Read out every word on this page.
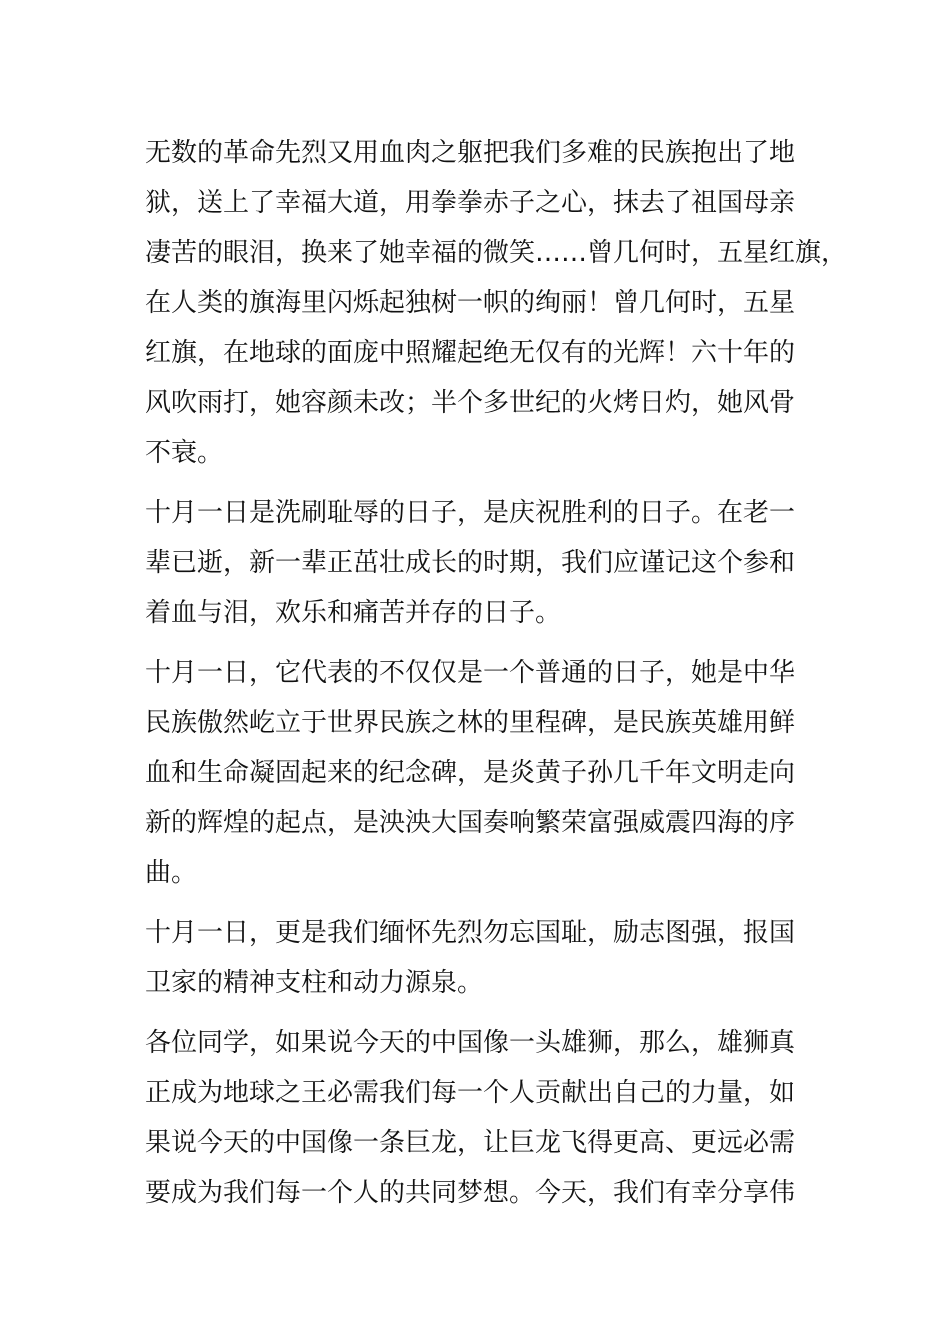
无数的革命先烈又用血肉之躯把我们多难的民族抱出了地
狱，送上了幸福大道，用拳拳赤子之心，抹去了祖国母亲
凄苦的眼泪，换来了她幸福的微笑……曾几何时，五星红旗，
在人类的旗海里闪烁起独树一帜的绚丽！曾几何时，五星
红旗，在地球的面庞中照耀起绝无仅有的光辉！六十年的
风吹雨打，她容颜未改；半个多世纪的火烤日灼，她风骨
不衰。
十月一日是洗刷耻辱的日子，是庆祝胜利的日子。在老一
辈已逝，新一辈正茁壮成长的时期，我们应谨记这个参和
着血与泪，欢乐和痛苦并存的日子。
十月一日，它代表的不仅仅是一个普通的日子，她是中华
民族傲然屹立于世界民族之林的里程碑，是民族英雄用鲜
血和生命凝固起来的纪念碑，是炎黄子孙几千年文明走向
新的辉煌的起点，是泱泱大国奏响繁荣富强威震四海的序
曲。
十月一日，更是我们缅怀先烈勿忘国耻，励志图强，报国
卫家的精神支柱和动力源泉。
各位同学，如果说今天的中国像一头雄狮，那么，雄狮真
正成为地球之王必需我们每一个人贡献出自己的力量，如
果说今天的中国像一条巨龙，让巨龙飞得更高、更远必需
要成为我们每一个人的共同梦想。今天，我们有幸分享伟
